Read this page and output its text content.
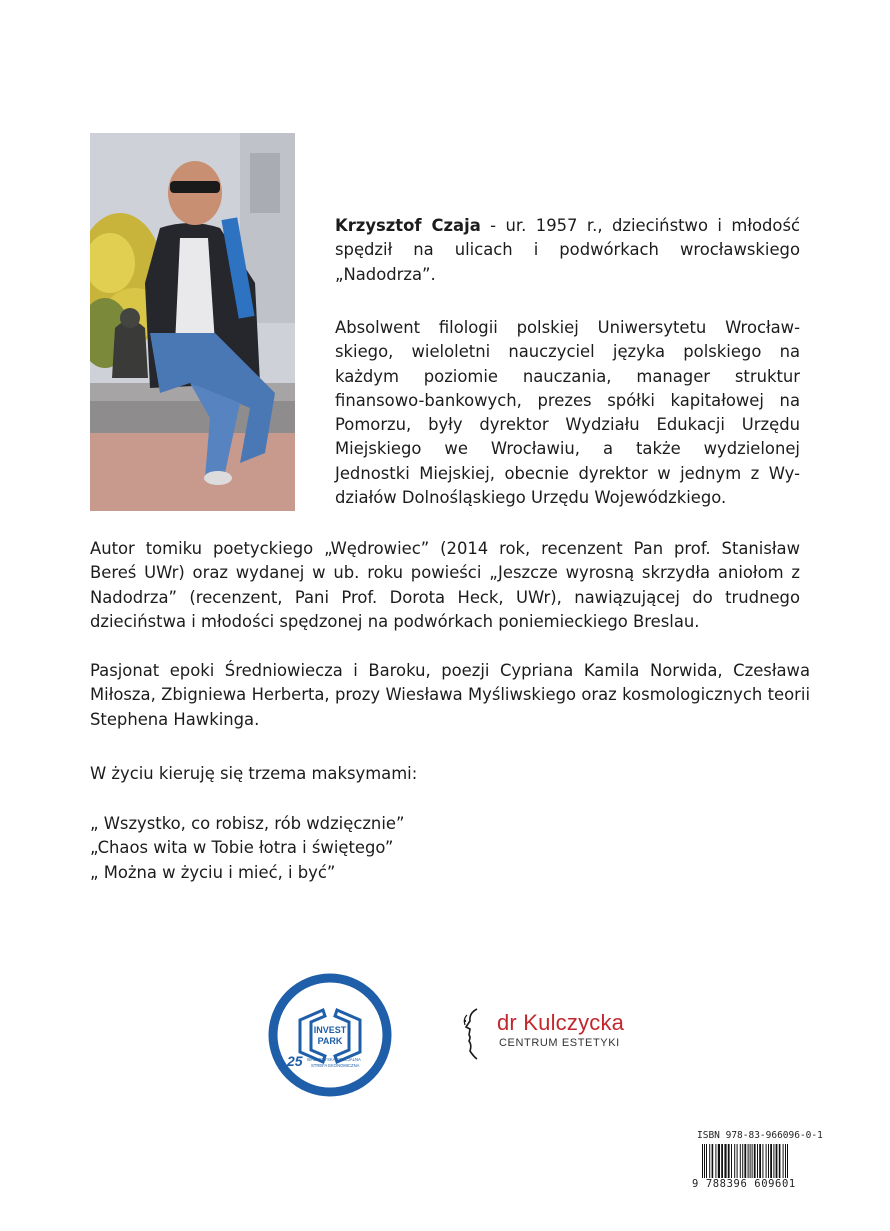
Krzysztof Czaja - ur. 1957 r., dzieciństwo i młodość spędził na ulicach i podwórkach wrocławskiego „Nadodrza”.

Absolwent filologii polskiej Uniwersytetu Wrocław-
skiego, wieloletni nauczyciel języka polskiego na
każdym poziomie nauczania, manager struktur
finansowo-bankowych, prezes spółki kapitałowej na
Pomorzu, były dyrektor Wydziału Edukacji Urzędu
Miejskiego we Wrocławiu, a także wydzielonej
Jednostki Miejskiej, obecnie dyrektor w jednym z Wy-
działów Dolnośląskiego Urzędu Wojewódzkiego.

Autor tomiku poetyckiego „Wędrowiec” (2014 rok, recenzent Pan prof. Stanisław Bereś UWr) oraz wydanej w ub. roku powieści „Jeszcze wyrosną skrzydła aniołom z Nadodrza” (recenzent, Pani Prof. Dorota Heck, UWr), nawiązującej do trudnego dzieciństwa i młodości spędzonej na podwórkach poniemieckiego Breslau.

Pasjonat epoki Średniowiecza i Baroku, poezji Cypriana Kamila Norwida, Czesława Miłosza, Zbigniewa Herberta, prozy Wiesława Myśliwskiego oraz kosmologicznych teorii Stephena Hawkinga.

W życiu kieruję się trzema maksymami:

„ Wszystko, co robisz, rób wdzięcznie”
„Chaos wita w Tobie łotra i świętego”
„ Można w życiu i mieć, i być”
INVEST
PARK
25 WAŁBRZYSKA SPECJALNA
STREFA EKONOMICZNA
dr Kulczycka
CENTRUM ESTETYKI
ISBN 978-83-966096-0-1
9 788396 609601
